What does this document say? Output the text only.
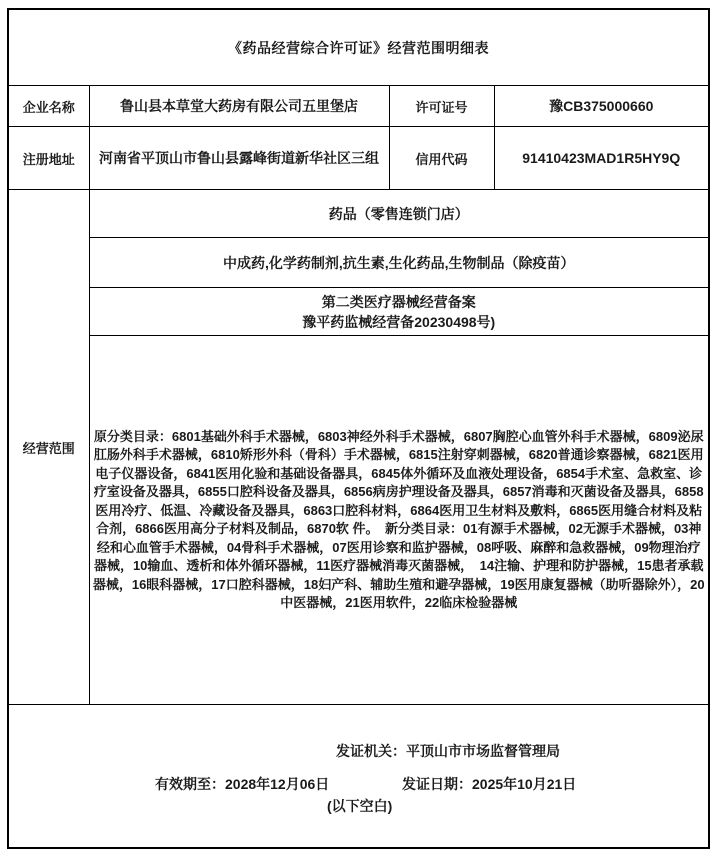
《药品经营综合许可证》经营范围明细表			
企业名称	鲁山县本草堂大药房有限公司五里堡店	许可证号	豫CB375000660
注册地址	河南省平顶山市鲁山县露峰街道新华社区三组	信用代码	91410423MAD1R5HY9Q
经营范围	药品（零售连锁门店）		
	中成药,化学药制剂,抗生素,生化药品,生物制品（除疫苗）		

	第二类医疗器械经营备案
豫平药监械经营备20230498号)		

	原分类目录：6801基础外科手术器械，6803神经外科手术器械，6807胸腔心血管外科手术器械，6809泌尿肛肠外科手术器械，6810矫形外科（骨科）手术器械，6815注射穿刺器械，6820普通诊察器械，6821医用电子仪器设备，6841医用化验和基础设备器具，6845体外循环及血液处理设备，6854手术室、急救室、诊疗室设备及器具，6855口腔科设备及器具，6856病房护理设备及器具，6857消毒和灭菌设备及器具，6858医用冷疗、低温、冷藏设备及器具，6863口腔科材料，6864医用卫生材料及敷料，6865医用缝合材料及粘合剂，6866医用高分子材料及制品，6870软 件。　新分类目录：01有源手术器械，02无源手术器械，03神经和心血管手术器械，04骨科手术器械，07医用诊察和监护器械，08呼吸、麻醉和急救器械，09物理治疗器械，10输血、透析和体外循环器械，11医疗器械消毒灭菌器械，　14注输、护理和防护器械，15患者承载器械，16眼科器械，17口腔科器械，18妇产科、辅助生殖和避孕器械，19医用康复器械（助听器除外），20中医器械，21医用软件，22临床检验器械		

发证机关：平顶山市市场监督管理局
有效期至：2028年12月06日 发证日期：2025年10月21日
(以下空白)			
